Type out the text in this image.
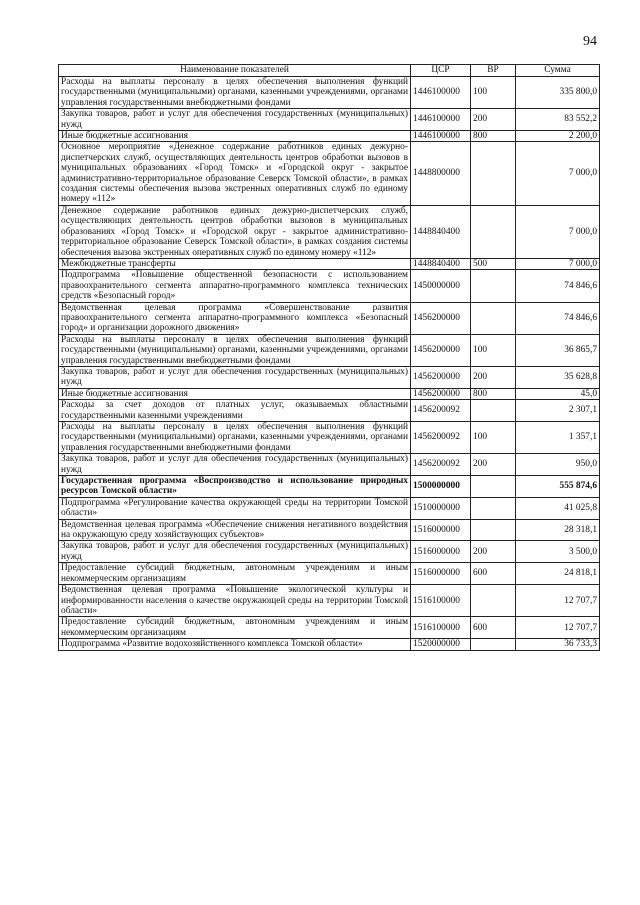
94
Наименование показателей	ЦСР	ВР	Сумма
Расходы на выплаты персоналу в целях обеспечения выполнения функций государственными (муниципальными) органами, казенными учреждениями, органами управления государственными внебюджетными фондами	1446100000	100	335 800,0
Закупка товаров, работ и услуг для обеспечения государственных (муниципальных) нужд	1446100000	200	83 552,2
Иные бюджетные ассигнования	1446100000	800	2 200,0
Основное мероприятие «Денежное содержание работников единых дежурно-диспетчерских служб, осуществляющих деятельность центров обработки вызовов в муниципальных образованиях «Город Томск» и «Городской округ - закрытое административно-территориальное образование Северск Томской области», в рамках создания системы обеспечения вызова экстренных оперативных служб по единому номеру «112»	1448800000		7 000,0
Денежное содержание работников единых дежурно-диспетчерских служб, осуществляющих деятельность центров обработки вызовов в муниципальных образованиях «Город Томск» и «Городской округ - закрытое административно-территориальное образование Северск Томской области», в рамках создания системы обеспечения вызова экстренных оперативных служб по единому номеру «112»	1448840400		7 000,0
Межбюджетные трансферты	1448840400	500	7 000,0
Подпрограмма «Повышение общественной безопасности с использованием правоохранительного сегмента аппаратно-программного комплекса технических средств «Безопасный город»	1450000000		74 846,6
Ведомственная целевая программа «Совершенствование развития правоохранительного сегмента аппаратно-программного комплекса «Безопасный город» и организации дорожного движения»	1456200000		74 846,6
Расходы на выплаты персоналу в целях обеспечения выполнения функций государственными (муниципальными) органами, казенными учреждениями, органами управления государственными внебюджетными фондами	1456200000	100	36 865,7
Закупка товаров, работ и услуг для обеспечения государственных (муниципальных) нужд	1456200000	200	35 628,8
Иные бюджетные ассигнования	1456200000	800	45,0
Расходы за счет доходов от платных услуг, оказываемых областными государственными казенными учреждениями	1456200092		2 307,1
Расходы на выплаты персоналу в целях обеспечения выполнения функций государственными (муниципальными) органами, казенными учреждениями, органами управления государственными внебюджетными фондами	1456200092	100	1 357,1
Закупка товаров, работ и услуг для обеспечения государственных (муниципальных) нужд	1456200092	200	950,0
Государственная программа «Воспроизводство и использование природных ресурсов Томской области»	1500000000		555 874,6
Подпрограмма «Регулирование качества окружающей среды на территории Томской области»	1510000000		41 025,8
Ведомственная целевая программа «Обеспечение снижения негативного воздействия на окружающую среду хозяйствующих субъектов»	1516000000		28 318,1
Закупка товаров, работ и услуг для обеспечения государственных (муниципальных) нужд	1516000000	200	3 500,0
Предоставление субсидий бюджетным, автономным учреждениям и иным некоммерческим организациям	1516000000	600	24 818,1
Ведомственная целевая программа «Повышение экологической культуры и информированности населения о качестве окружающей среды на территории Томской области»	1516100000		12 707,7
Предоставление субсидий бюджетным, автономным учреждениям и иным некоммерческим организациям	1516100000	600	12 707,7
Подпрограмма «Развитие водохозяйственного комплекса Томской области»	1520000000		36 733,3
